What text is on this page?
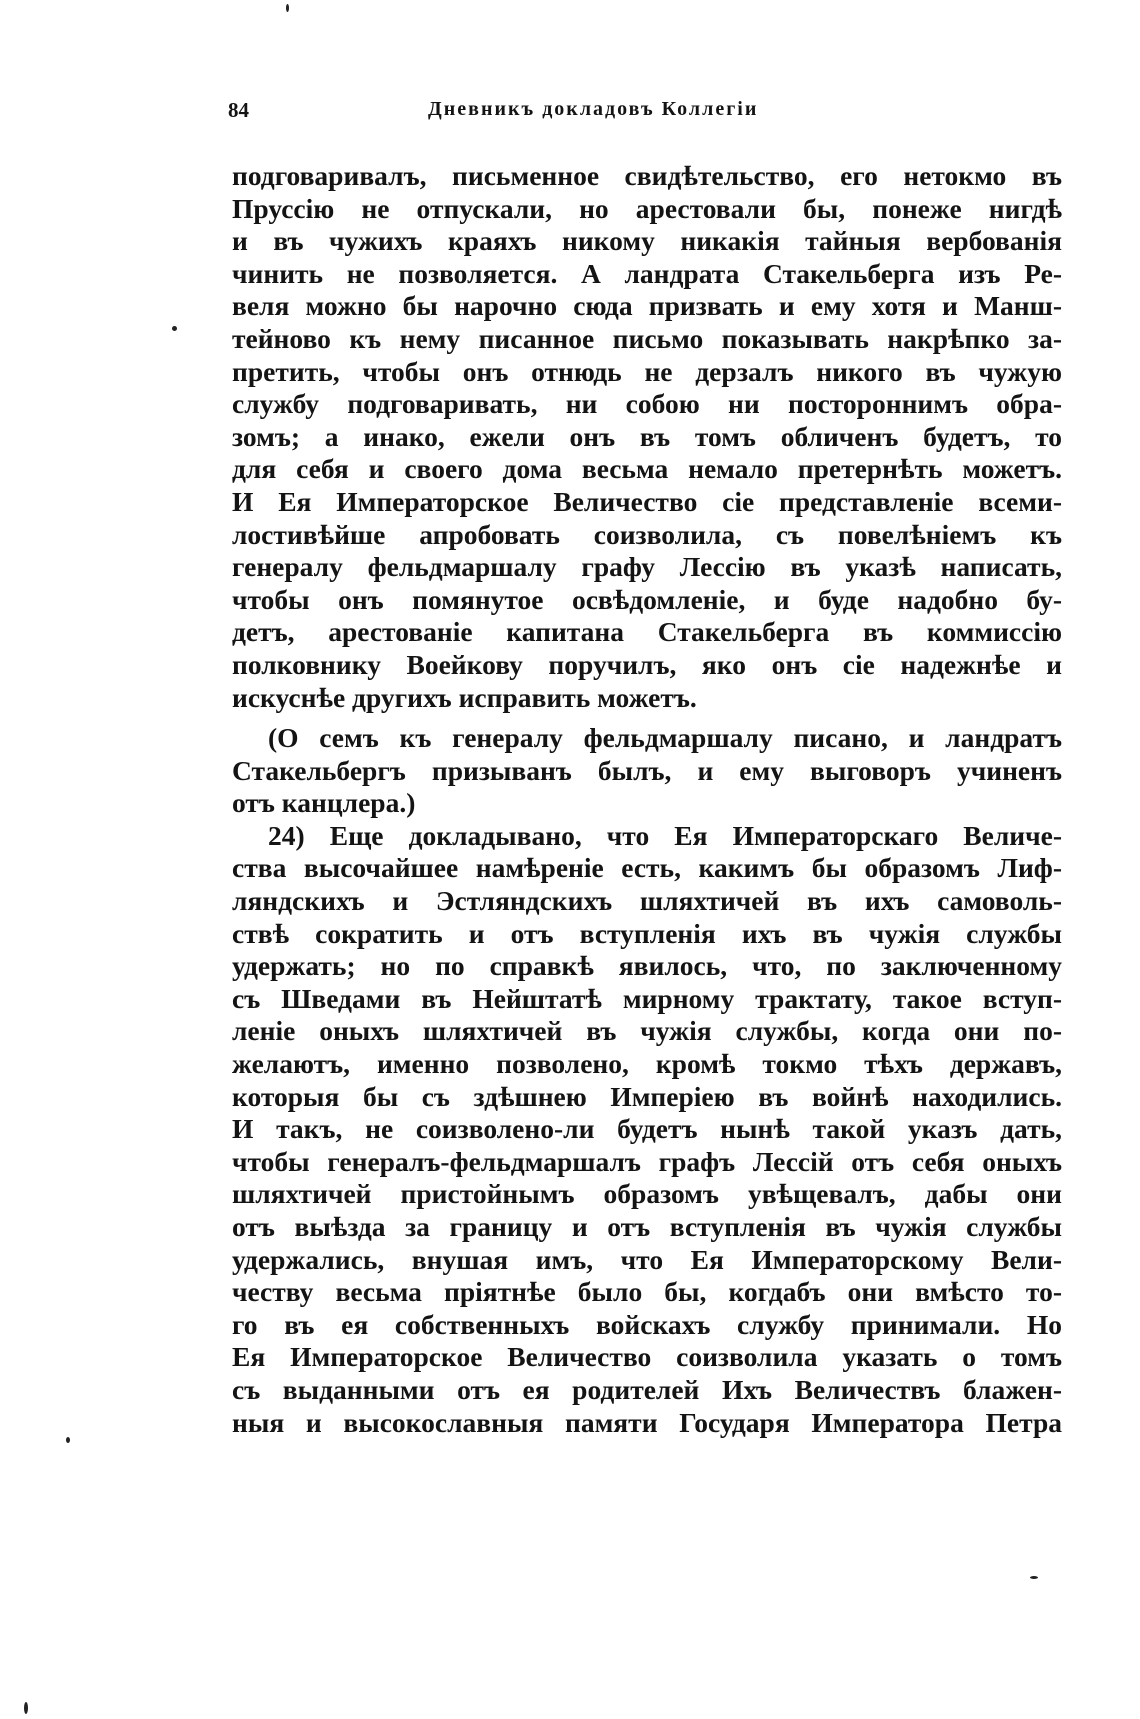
84	Дневникъ докладовъ Коллегіи
подговаривалъ, письменное свидѣтельство, его нетокмо въ
Пруссію не отпускали, но арестовали бы, понеже нигдѣ
и въ чужихъ краяхъ никому никакія тайныя вербованія
чинить не позволяется. А ландрата Стакельберга изъ Ре-
веля можно бы нарочно сюда призвать и ему хотя и Манш-
тейново къ нему писанное письмо показывать накрѣпко за-
претить, чтобы онъ отнюдь не дерзалъ никого въ чужую
службу подговаривать, ни собою ни постороннимъ обра-
зомъ; а инако, ежели онъ въ томъ обличенъ будетъ, то
для себя и своего дома весьма немало претернѣть можетъ.
И Ея Императорское Величество сіе представленіе всеми-
лостивѣйше апробовать соизволила, съ повелѣніемъ къ
генералу фельдмаршалу графу Лессію въ указѣ написать,
чтобы онъ помянутое освѣдомленіе, и буде надобно бу-
детъ, арестованіе капитана Стакельберга въ коммиссію
полковнику Воейкову поручилъ, яко онъ сіе надежнѣе и
искуснѣе другихъ исправить можетъ.
(О семъ къ генералу фельдмаршалу писано, и ландратъ
Стакельбергъ призыванъ былъ, и ему выговоръ учиненъ
отъ канцлера.)
24) Еще докладывано, что Ея Императорскаго Величе-
ства высочайшее намѣреніе есть, какимъ бы образомъ Лиф-
ляндскихъ и Эстляндскихъ шляхтичей въ ихъ самоволь-
ствѣ сократить и отъ вступленія ихъ въ чужія службы
удержать; но по справкѣ явилось, что, по заключенному
съ Шведами въ Нейштатѣ мирному трактату, такое вступ-
леніе оныхъ шляхтичей въ чужія службы, когда они по-
желаютъ, именно позволено, кромѣ токмо тѣхъ державъ,
которыя бы съ здѣшнею Имперіею въ войнѣ находились.
И такъ, не соизволено-ли будетъ нынѣ такой указъ дать,
чтобы генералъ-фельдмаршалъ графъ Лессій отъ себя оныхъ
шляхтичей пристойнымъ образомъ увѣщевалъ, дабы они
отъ выѣзда за границу и отъ вступленія въ чужія службы
удержались, внушая имъ, что Ея Императорскому Вели-
честву весьма пріятнѣе было бы, когдабъ они вмѣсто то-
го въ ея собственныхъ войскахъ службу принимали. Но
Ея Императорское Величество соизволила указать о томъ
съ выданными отъ ея родителей Ихъ Величествъ блажен-
ныя и высокославныя памяти Государя Императора Петра
